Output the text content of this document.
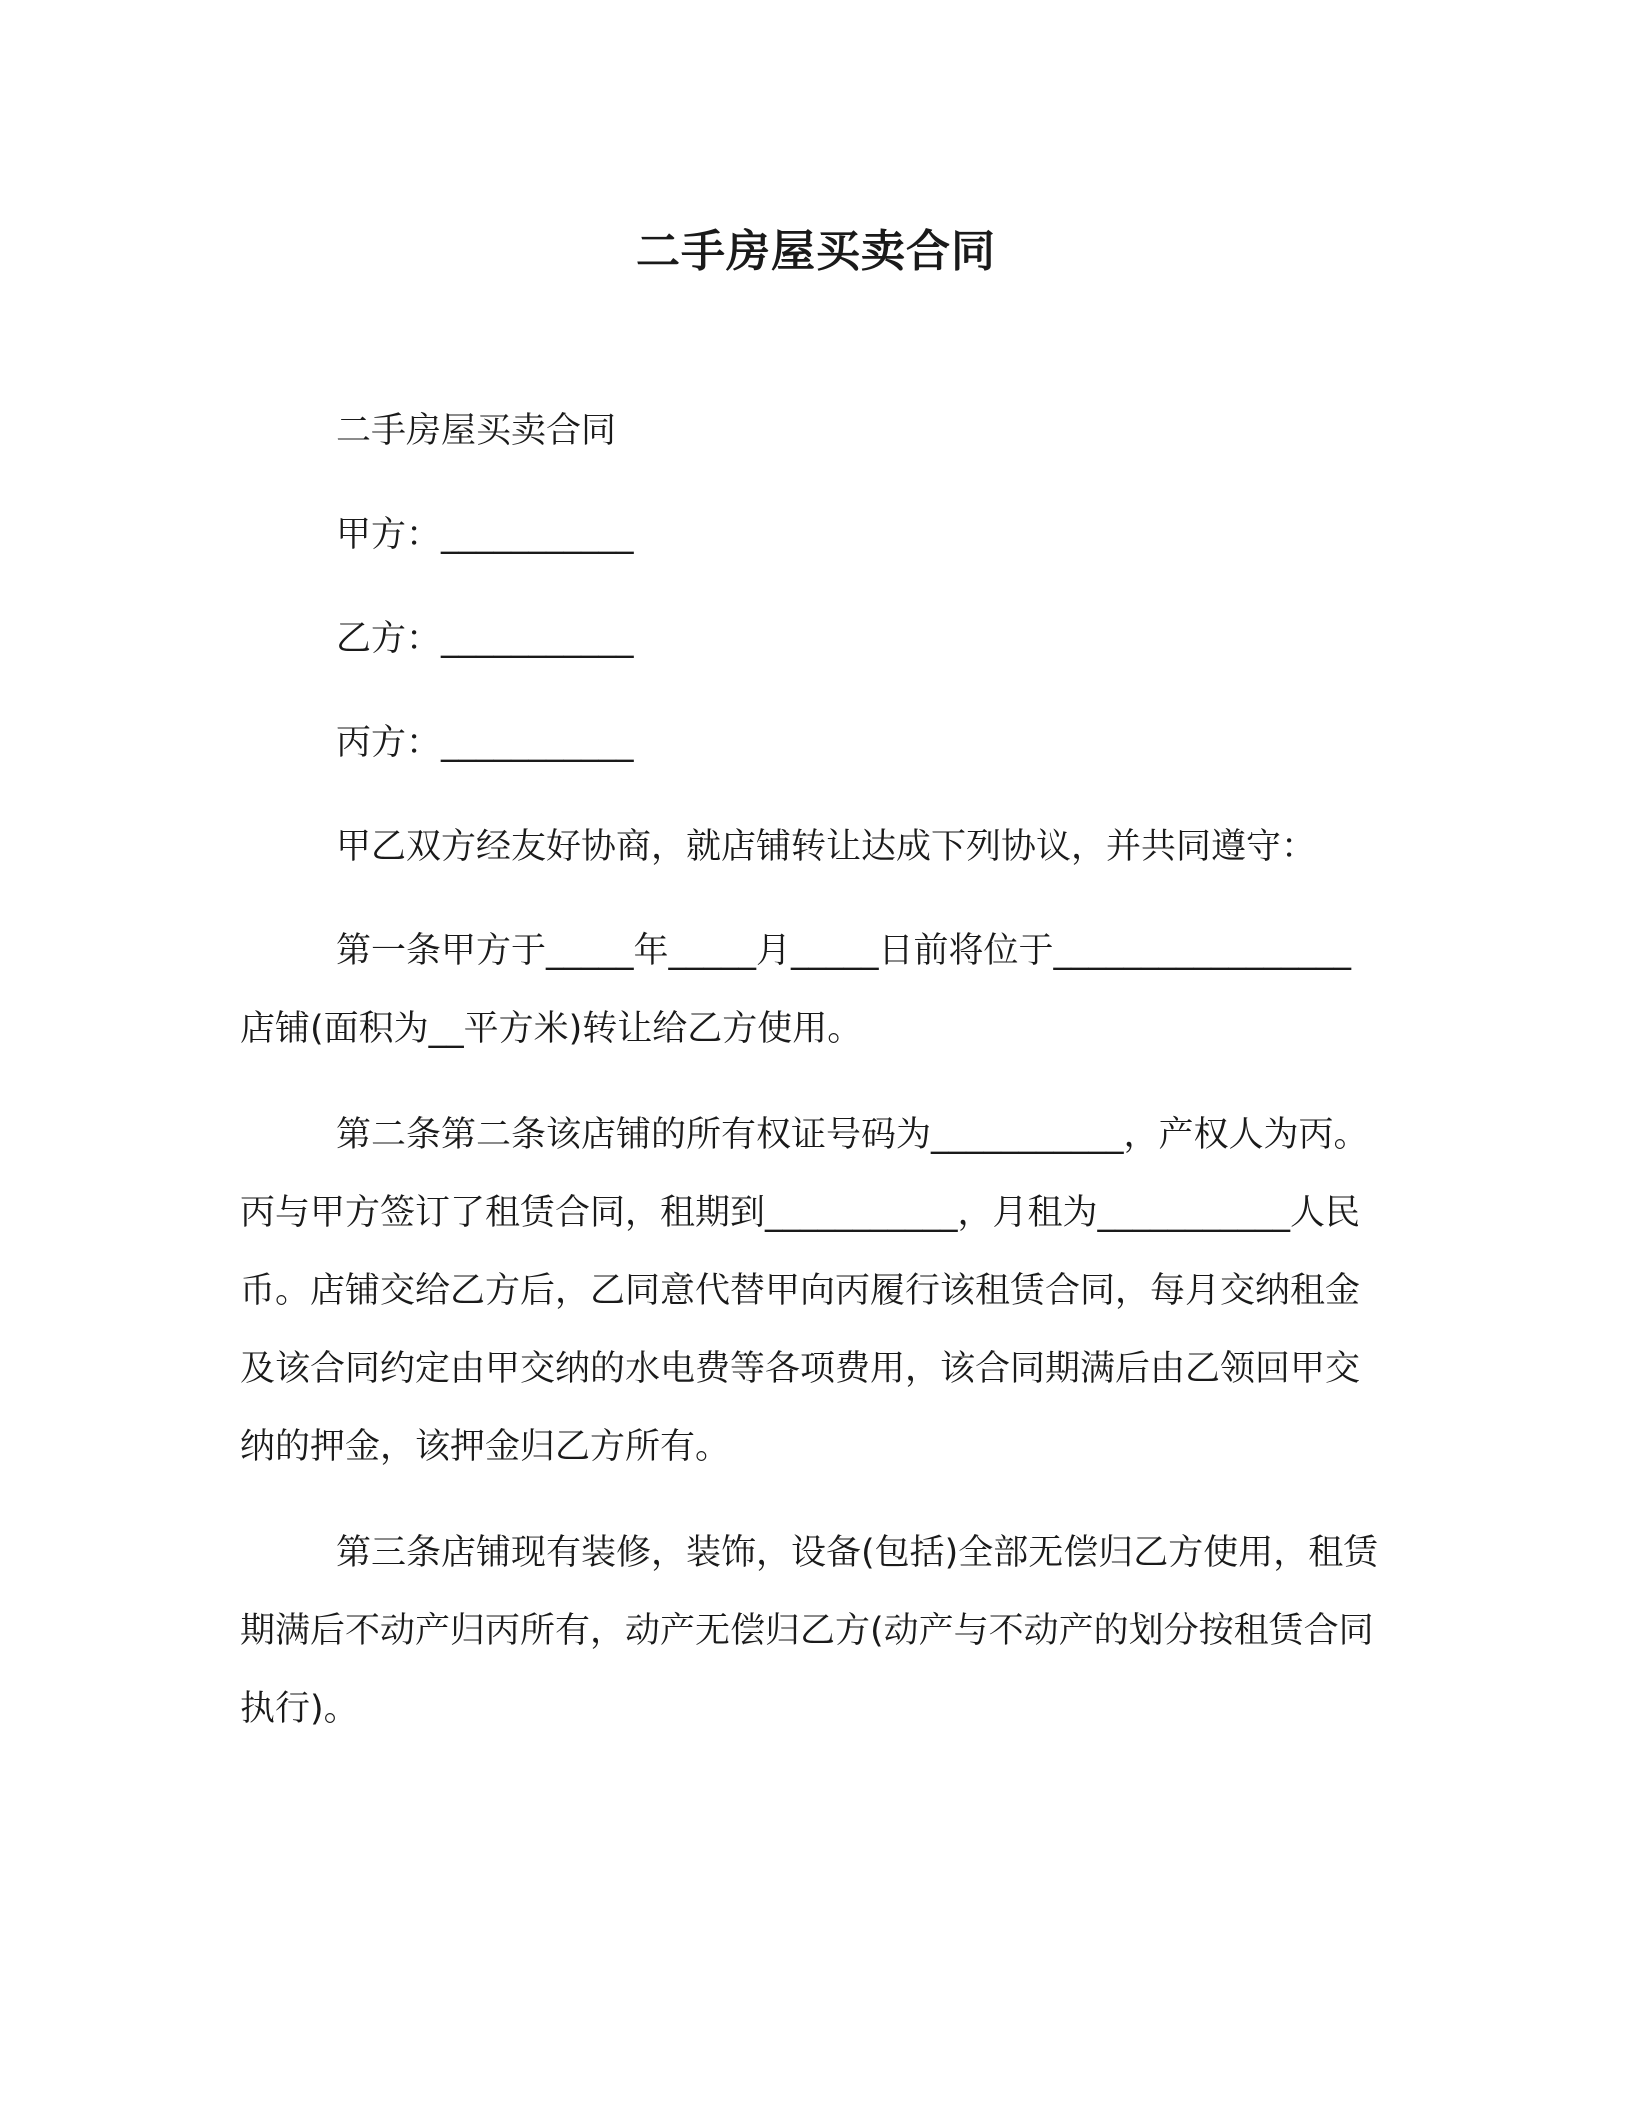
二手房屋买卖合同

二手房屋买卖合同

甲方：___________

乙方：___________

丙方：___________

甲乙双方经友好协商，就店铺转让达成下列协议，并共同遵守：

第一条甲方于_____年_____月_____日前将位于_________________店铺(面积为__平方米)转让给乙方使用。

第二条第二条该店铺的所有权证号码为___________，产权人为丙。丙与甲方签订了租赁合同，租期到___________，月租为___________人民币。店铺交给乙方后，乙同意代替甲向丙履行该租赁合同，每月交纳租金及该合同约定由甲交纳的水电费等各项费用，该合同期满后由乙领回甲交纳的押金，该押金归乙方所有。

第三条店铺现有装修，装饰，设备(包括)全部无偿归乙方使用，租赁期满后不动产归丙所有，动产无偿归乙方(动产与不动产的划分按租赁合同执行)。
